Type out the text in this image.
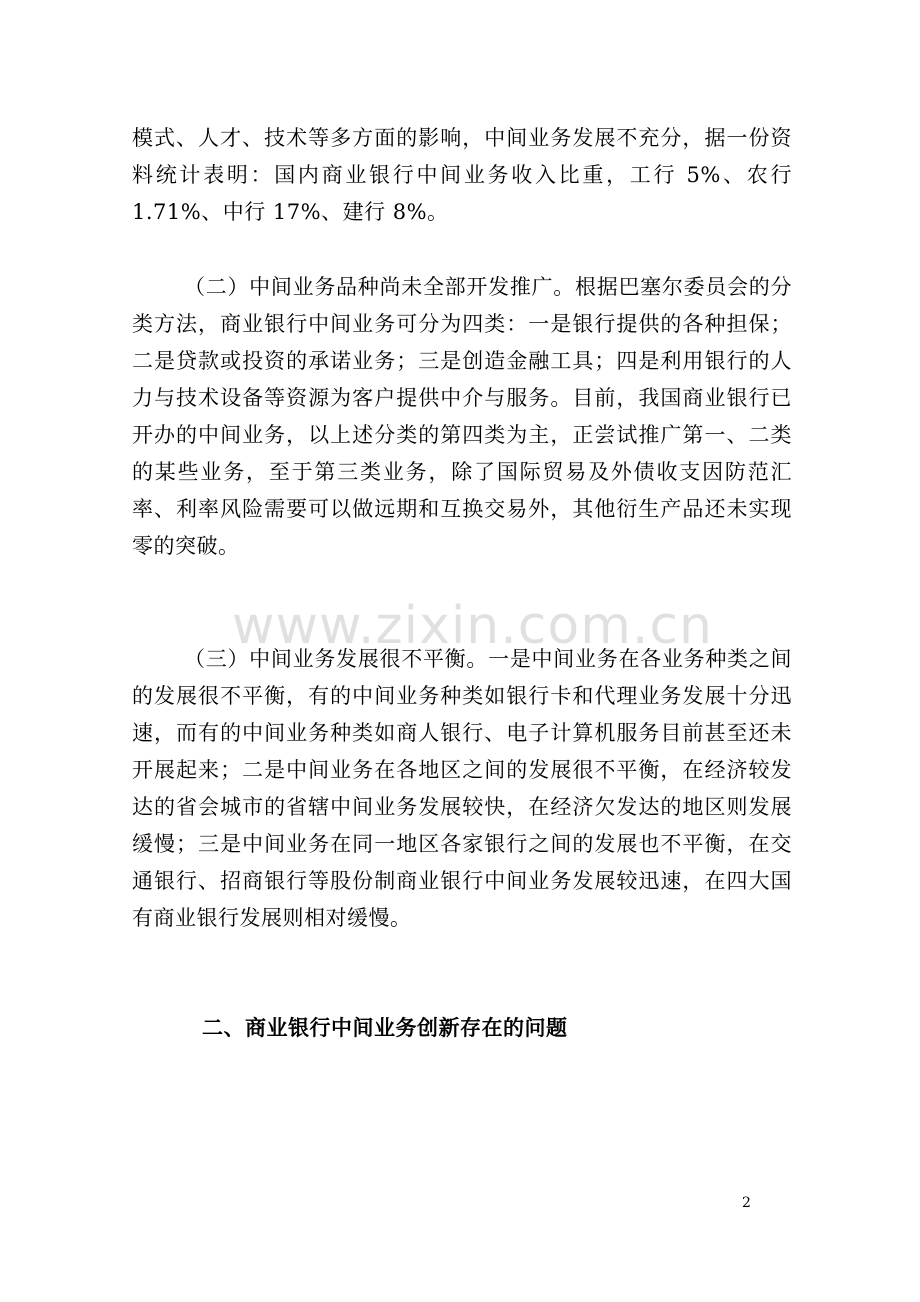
模式、人才、技术等多方面的影响，中间业务发展不充分，据一份资料统计表明：国内商业银行中间业务收入比重，工行 5%、农行 1.71%、中行 17%、建行 8%。

（二）中间业务品种尚未全部开发推广。根据巴塞尔委员会的分类方法，商业银行中间业务可分为四类：一是银行提供的各种担保；二是贷款或投资的承诺业务；三是创造金融工具；四是利用银行的人力与技术设备等资源为客户提供中介与服务。目前，我国商业银行已开办的中间业务，以上述分类的第四类为主，正尝试推广第一、二类的某些业务，至于第三类业务，除了国际贸易及外债收支因防范汇率、利率风险需要可以做远期和互换交易外，其他衍生产品还未实现零的突破。

www.zixin.com.cn

（三）中间业务发展很不平衡。一是中间业务在各业务种类之间的发展很不平衡，有的中间业务种类如银行卡和代理业务发展十分迅速，而有的中间业务种类如商人银行、电子计算机服务目前甚至还未开展起来；二是中间业务在各地区之间的发展很不平衡，在经济较发达的省会城市的省辖中间业务发展较快，在经济欠发达的地区则发展缓慢；三是中间业务在同一地区各家银行之间的发展也不平衡，在交通银行、招商银行等股份制商业银行中间业务发展较迅速，在四大国有商业银行发展则相对缓慢。

二、商业银行中间业务创新存在的问题
2
